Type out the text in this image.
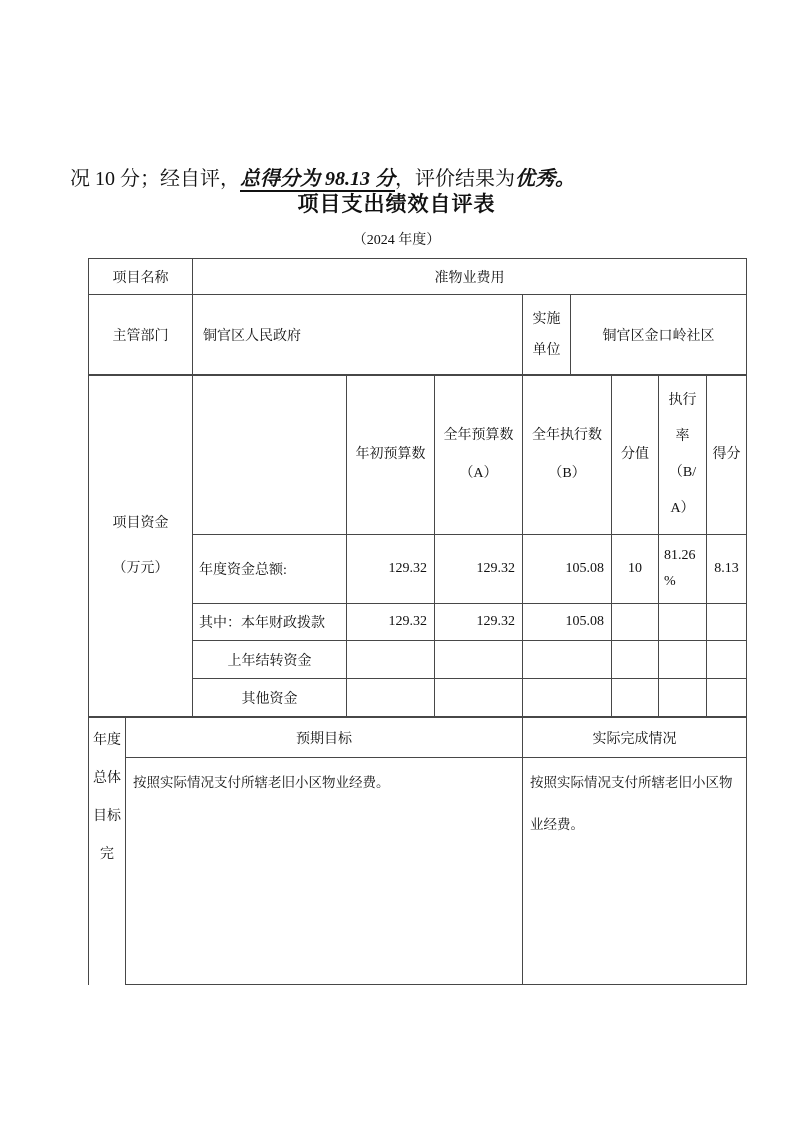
况 10 分；经自评，总得分为 98.13 分，评价结果为优秀。

项目支出绩效自评表

（2024 年度）

项目名称	准物业费用		
主管部门	铜官区人民政府	实施单位	铜官区金口岭社区
项目资金
（万元）		年初预算数	全年预算数（A）	全年执行数（B）	分值	执行率（B/A）	得分
	年度资金总额:	129.32	129.32	105.08	10	81.26 %	8.13
	其中：本年财政拨款	129.32	129.32	105.08			
	上年结转资金						
	其他资金						
年度总体目标完	预期目标	实际完成情况
	按照实际情况支付所辖老旧小区物业经费。	按照实际情况支付所辖老旧小区物业经费。
